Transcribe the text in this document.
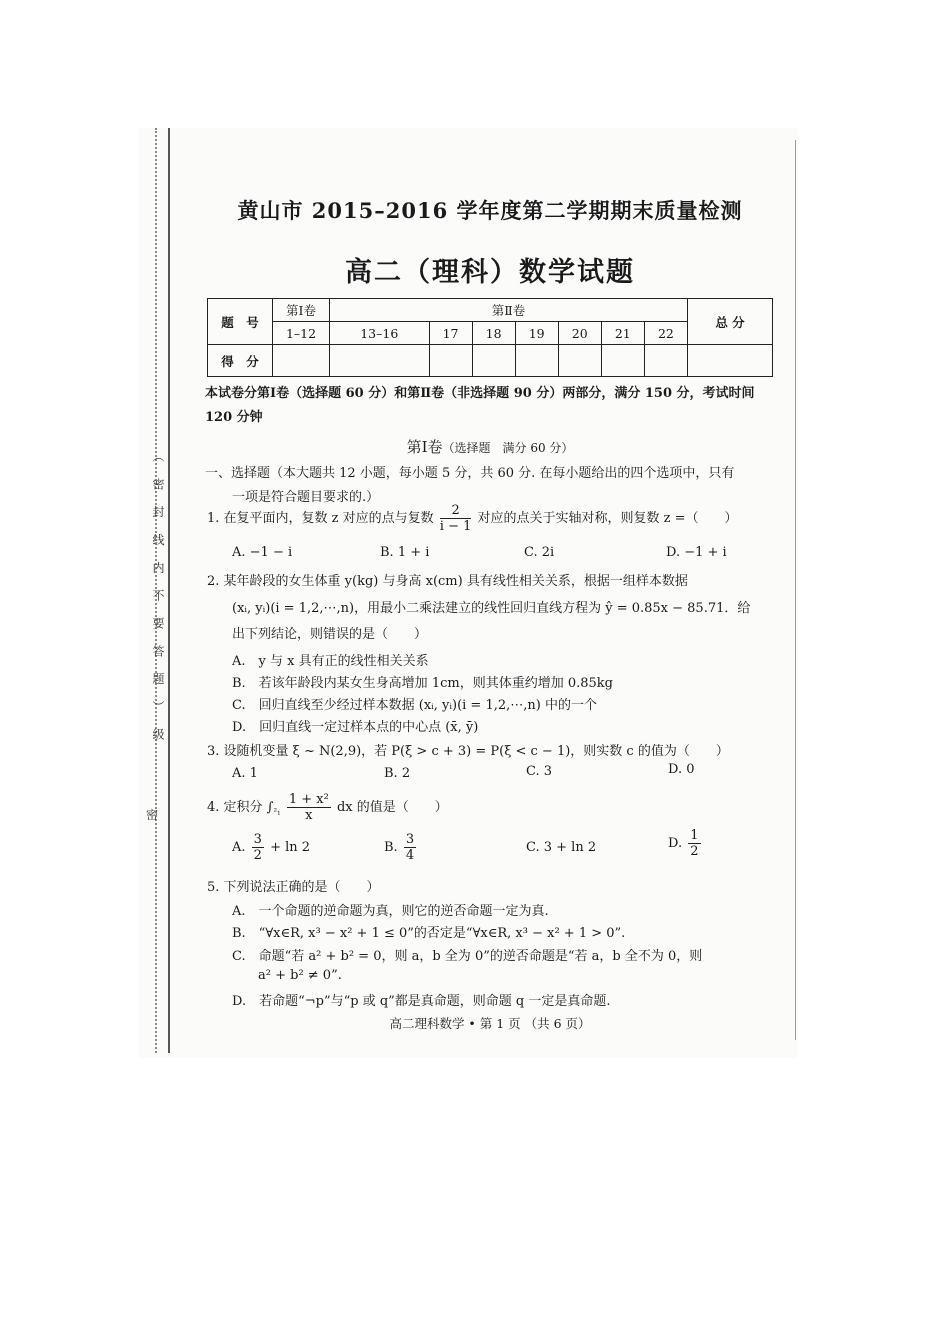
（ 密 封 线 内 不 要 答 题 ） 级
密
黄山市 2015–2016 学年度第二学期期末质量检测
高二（理科）数学试题
题　号	第Ⅰ卷	第Ⅱ卷							总 分
	1–12	13–16	17	18	19	20	21	22	
得　分									
本试卷分第Ⅰ卷（选择题 60 分）和第Ⅱ卷（非选择题 90 分）两部分，满分 150 分，考试时间 120 分钟
第Ⅰ卷（选择题　满分 60 分）
一、选择题（本大题共 12 小题，每小题 5 分，共 60 分. 在每小题给出的四个选项中，只有
一项是符合题目要求的.）
1. 在复平面内，复数 z 对应的点与复数 $\frac{2}{i - 1}$ 对应的点关于实轴对称，则复数 z =（　　）
A. −1 − i	B. 1 + i	C. 2i	D. −1 + i
2. 某年龄段的女生体重 y(kg) 与身高 x(cm) 具有线性相关关系，根据一组样本数据
(xᵢ, yᵢ)(i = 1,2,⋯,n)，用最小二乘法建立的线性回归直线方程为 ŷ = 0.85x − 85.71．给
出下列结论，则错误的是（　　）
A.　y 与 x 具有正的线性相关关系
B.　若该年龄段内某女生身高增加 1cm，则其体重约增加 0.85kg
C.　回归直线至少经过样本数据 (xᵢ, yᵢ)(i = 1,2,⋯,n) 中的一个
D.　回归直线一定过样本点的中心点 (x̄, ȳ)
3. 设随机变量 ξ ~ N(2,9)，若 P(ξ > c + 3) = P(ξ < c − 1)，则实数 c 的值为（　　）
A. 1	B. 2	C. 3	D. 0
4. 定积分 $\int_{^2_1} \frac{\text{1 + x²}}{x}$ dx 的值是（　　）
A. $\frac{3}{2} + \ln 2$	B. $\frac{3}{4}$	C. 3 + ln 2	D. $\frac{1}{2}$
5. 下列说法正确的是（　　）
A.　一个命题的逆命题为真，则它的逆否命题一定为真.
B.　“∀x∈R, x³ − x² + 1 ≤ 0”的否定是“∀x∈R, x³ − x² + 1 > 0”.
C.　命题“若 a² + b² = 0，则 a，b 全为 0”的逆否命题是“若 a，b 全不为 0，则
a² + b² ≠ 0”.
D.　若命题“¬p”与“p 或 q”都是真命题，则命题 q 一定是真命题.
高二理科数学 • 第 1 页 （共 6 页）
